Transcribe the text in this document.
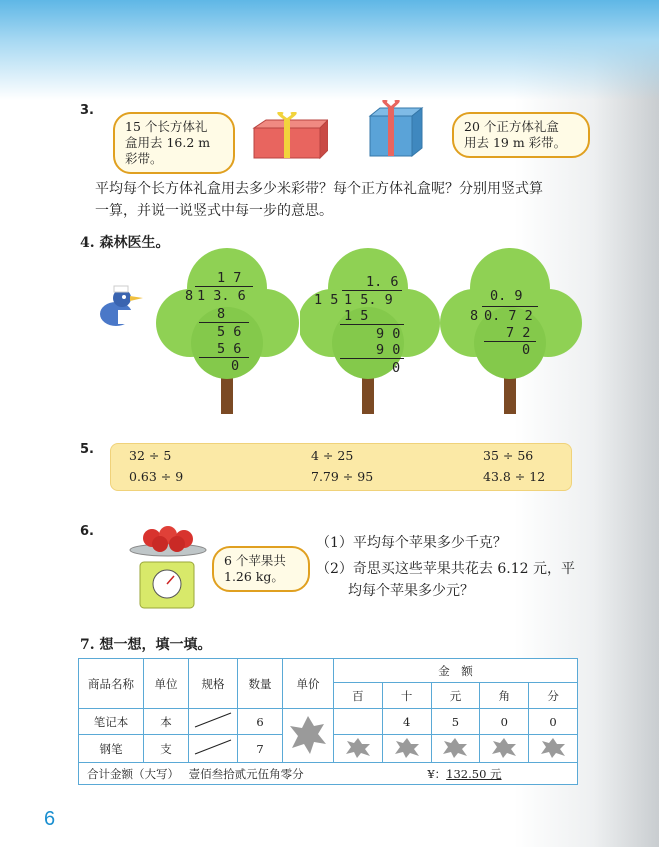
3.
15 个长方体礼
盒用去 16.2 m
彩带。
20 个正方体礼盒
用去 19 m 彩带。
平均每个长方体礼盒用去多少米彩带？每个正方体礼盒呢？分别用竖式算
一算，并说一说竖式中每一步的意思。
4. 森林医生。
1 7
8 1 3. 6
8
5 6
5 6
0
1. 6
1 5 1 5. 9
1 5
9 0
9 0
0
0. 9
8 0. 7 2
7 2
0
5.	32 ÷ 5	4 ÷ 25	35 ÷ 56
0.63 ÷ 9	7.79 ÷ 95	43.8 ÷ 12
6.
6 个苹果共
1.26 kg。
（1）平均每个苹果多少千克？
（2）奇思买这些苹果共花去 6.12 元，平
均每个苹果多少元？
7. 想一想，填一填。
商品名称	单位	规格	数量	单价	金　额				
					百	十	元	角	分
笔记本	本		6			4	5	0	0
钢笔	支		7					
合计金额（大写） 壹佰叁拾贰元伍角零分 ¥：132.50 元									
6
